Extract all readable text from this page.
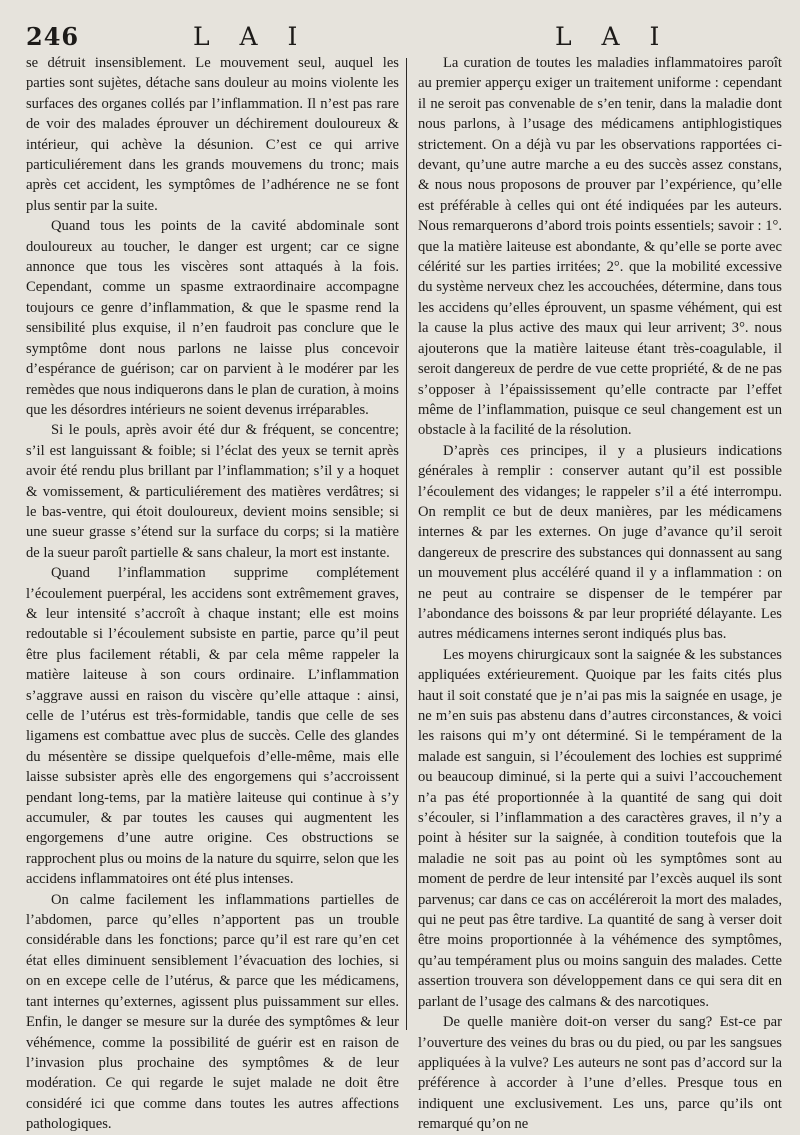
246	L A I	L A I

se détruit insensiblement. Le mouvement seul, auquel les parties sont sujètes, détache sans douleur au moins violente les surfaces des organes collés par l’inflammation. Il n’est pas rare de voir des malades éprouver un déchirement douloureux & intérieur, qui achève la désunion. C’est ce qui arrive particuliérement dans les grands mouvemens du tronc; mais après cet accident, les symptômes de l’adhérence ne se font plus sentir par la suite.

Quand tous les points de la cavité abdominale sont douloureux au toucher, le danger est urgent; car ce signe annonce que tous les viscères sont attaqués à la fois. Cependant, comme un spasme extraordinaire accompagne toujours ce genre d’inflammation, & que le spasme rend la sensibilité plus exquise, il n’en faudroit pas conclure que le symptôme dont nous parlons ne laisse plus concevoir d’espérance de guérison; car on parvient à le modérer par les remèdes que nous indiquerons dans le plan de curation, à moins que les désordres intérieurs ne soient devenus irréparables.

Si le pouls, après avoir été dur & fréquent, se concentre; s’il est languissant & foible; si l’éclat des yeux se ternit après avoir été rendu plus brillant par l’inflammation; s’il y a hoquet & vomissement, & particuliérement des matières verdâtres; si le bas-ventre, qui étoit douloureux, devient moins sensible; si une sueur grasse s’étend sur la surface du corps; si la matière de la sueur paroît partielle & sans chaleur, la mort est instante.

Quand l’inflammation supprime complétement l’écoulement puerpéral, les accidens sont extrêmement graves, & leur intensité s’accroît à chaque instant; elle est moins redoutable si l’écoulement subsiste en partie, parce qu’il peut être plus facilement rétabli, & par cela même rappeler la matière laiteuse à son cours ordinaire. L’inflammation s’aggrave aussi en raison du viscère qu’elle attaque : ainsi, celle de l’utérus est très-formidable, tandis que celle de ses ligamens est combattue avec plus de succès. Celle des glandes du mésentère se dissipe quelquefois d’elle-même, mais elle laisse subsister après elle des engorgemens qui s’accroissent pendant long-tems, par la matière laiteuse qui continue à s’y accumuler, & par toutes les causes qui augmentent les engorgemens d’une autre origine. Ces obstructions se rapprochent plus ou moins de la nature du squirre, selon que les accidens inflammatoires ont été plus intenses.

On calme facilement les inflammations partielles de l’abdomen, parce qu’elles n’apportent pas un trouble considérable dans les fonctions; parce qu’il est rare qu’en cet état elles diminuent sensiblement l’évacuation des lochies, si on en excepe celle de l’utérus, & parce que les médicamens, tant internes qu’externes, agissent plus puissamment sur elles. Enfin, le danger se mesure sur la durée des symptômes & leur véhémence, comme la possibilité de guérir est en raison de l’invasion plus prochaine des symptômes & de leur modération. Ce qui regarde le sujet malade ne doit être considéré ici que comme dans toutes les autres affections pathologiques.

La curation de toutes les maladies inflammatoires paroît au premier apperçu exiger un traitement uniforme : cependant il ne seroit pas convenable de s’en tenir, dans la maladie dont nous parlons, à l’usage des médicamens antiphlogistiques strictement. On a déjà vu par les observations rapportées ci-devant, qu’une autre marche a eu des succès assez constans, & nous nous proposons de prouver par l’expérience, qu’elle est préférable à celles qui ont été indiquées par les auteurs. Nous remarquerons d’abord trois points essentiels; savoir : 1°. que la matière laiteuse est abondante, & qu’elle se porte avec célérité sur les parties irritées; 2°. que la mobilité excessive du système nerveux chez les accouchées, détermine, dans tous les accidens qu’elles éprouvent, un spasme véhément, qui est la cause la plus active des maux qui leur arrivent; 3°. nous ajouterons que la matière laiteuse étant très-coagulable, il seroit dangereux de perdre de vue cette propriété, & de ne pas s’opposer à l’épaississement qu’elle contracte par l’effet même de l’inflammation, puisque ce seul changement est un obstacle à la facilité de la résolution.

D’après ces principes, il y a plusieurs indications générales à remplir : conserver autant qu’il est possible l’écoulement des vidanges; le rappeler s’il a été interrompu. On remplit ce but de deux manières, par les médicamens internes & par les externes. On juge d’avance qu’il seroit dangereux de prescrire des substances qui donnassent au sang un mouvement plus accéléré quand il y a inflammation : on ne peut au contraire se dispenser de le tempérer par l’abondance des boissons & par leur propriété délayante. Les autres médicamens internes seront indiqués plus bas.

Les moyens chirurgicaux sont la saignée & les substances appliquées extérieurement. Quoique par les faits cités plus haut il soit constaté que je n’ai pas mis la saignée en usage, je ne m’en suis pas abstenu dans d’autres circonstances, & voici les raisons qui m’y ont déterminé. Si le tempérament de la malade est sanguin, si l’écoulement des lochies est supprimé ou beaucoup diminué, si la perte qui a suivi l’accouchement n’a pas été proportionnée à la quantité de sang qui doit s’écouler, si l’inflammation a des caractères graves, il n’y a point à hésiter sur la saignée, à condition toutefois que la maladie ne soit pas au point où les symptômes sont au moment de perdre de leur intensité par l’excès auquel ils sont parvenus; car dans ce cas on accéléreroit la mort des malades, qui ne peut pas être tardive. La quantité de sang à verser doit être moins proportionnée à la véhémence des symptômes, qu’au tempérament plus ou moins sanguin des malades. Cette assertion trouvera son développement dans ce qui sera dit en parlant de l’usage des calmans & des narcotiques.

De quelle manière doit-on verser du sang? Est-ce par l’ouverture des veines du bras ou du pied, ou par les sangsues appliquées à la vulve? Les auteurs ne sont pas d’accord sur la préférence à accorder à l’une d’elles. Presque tous en indiquent une exclusivement. Les uns, parce qu’ils ont remarqué qu’on ne
